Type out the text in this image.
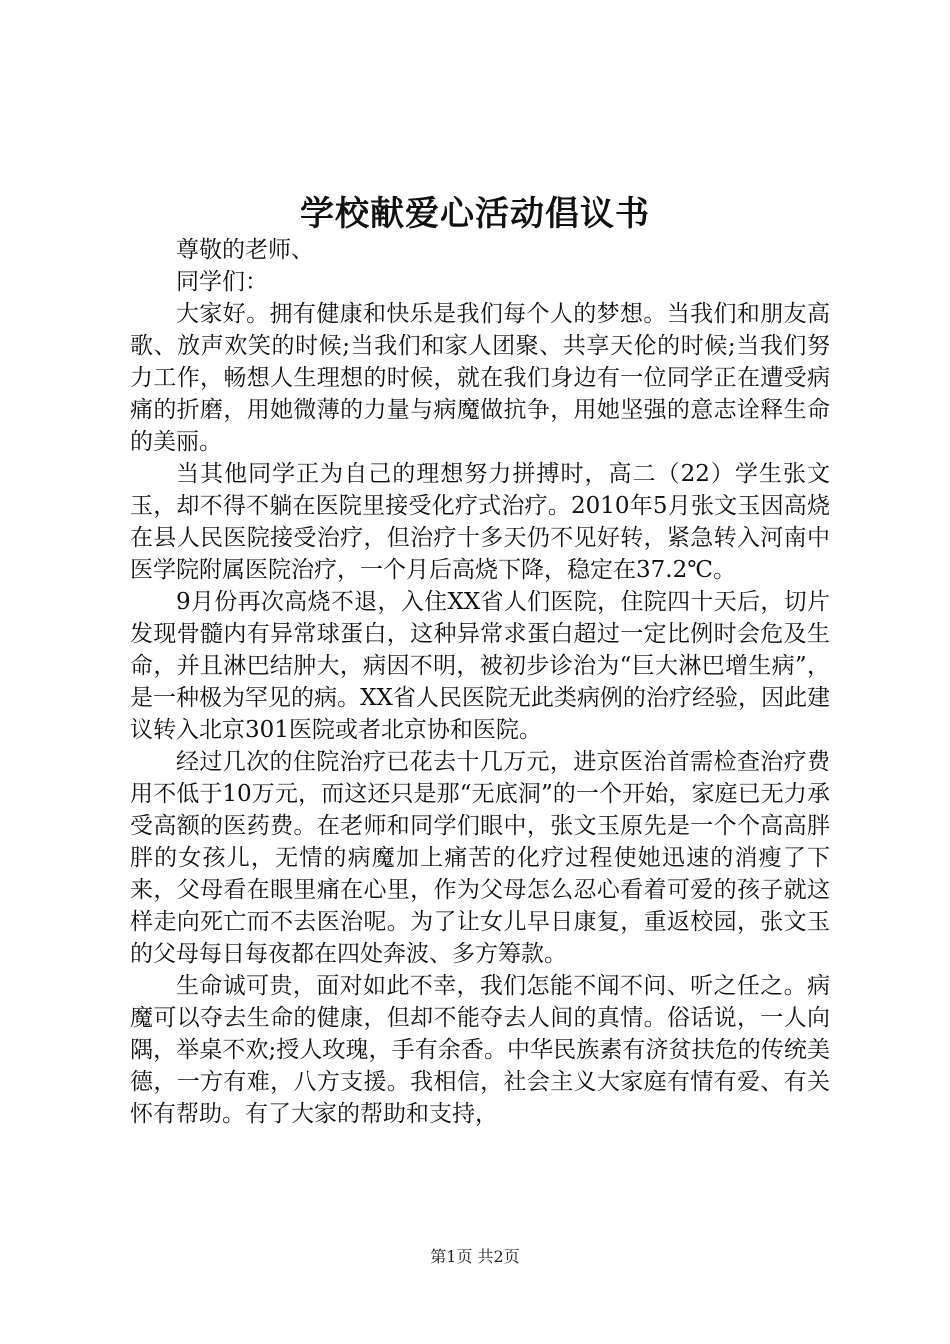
学校献爱心活动倡议书
尊敬的老师、
同学们：

大家好。拥有健康和快乐是我们每个人的梦想。当我们和朋友高歌、放声欢笑的时候;当我们和家人团聚、共享天伦的时候;当我们努力工作，畅想人生理想的时候，就在我们身边有一位同学正在遭受病痛的折磨，用她微薄的力量与病魔做抗争，用她坚强的意志诠释生命的美丽。

当其他同学正为自己的理想努力拼搏时，高二（22）学生张文玉，却不得不躺在医院里接受化疗式治疗。2010年5月张文玉因高烧在县人民医院接受治疗，但治疗十多天仍不见好转，紧急转入河南中医学院附属医院治疗，一个月后高烧下降，稳定在37.2℃。

9月份再次高烧不退，入住XX省人们医院，住院四十天后，切片发现骨髓内有异常球蛋白，这种异常求蛋白超过一定比例时会危及生命，并且淋巴结肿大，病因不明，被初步诊治为“巨大淋巴增生病”，是一种极为罕见的病。XX省人民医院无此类病例的治疗经验，因此建议转入北京301医院或者北京协和医院。

经过几次的住院治疗已花去十几万元，进京医治首需检查治疗费用不低于10万元，而这还只是那“无底洞”的一个开始，家庭已无力承受高额的医药费。在老师和同学们眼中，张文玉原先是一个个高高胖胖的女孩儿，无情的病魔加上痛苦的化疗过程使她迅速的消瘦了下来，父母看在眼里痛在心里，作为父母怎么忍心看着可爱的孩子就这样走向死亡而不去医治呢。为了让女儿早日康复，重返校园，张文玉的父母每日每夜都在四处奔波、多方筹款。

生命诚可贵，面对如此不幸，我们怎能不闻不问、听之任之。病魔可以夺去生命的健康，但却不能夺去人间的真情。俗话说，一人向隅，举桌不欢;授人玫瑰，手有余香。中华民族素有济贫扶危的传统美德，一方有难，八方支援。我相信，社会主义大家庭有情有爱、有关怀有帮助。有了大家的帮助和支持，

第1页 共2页
